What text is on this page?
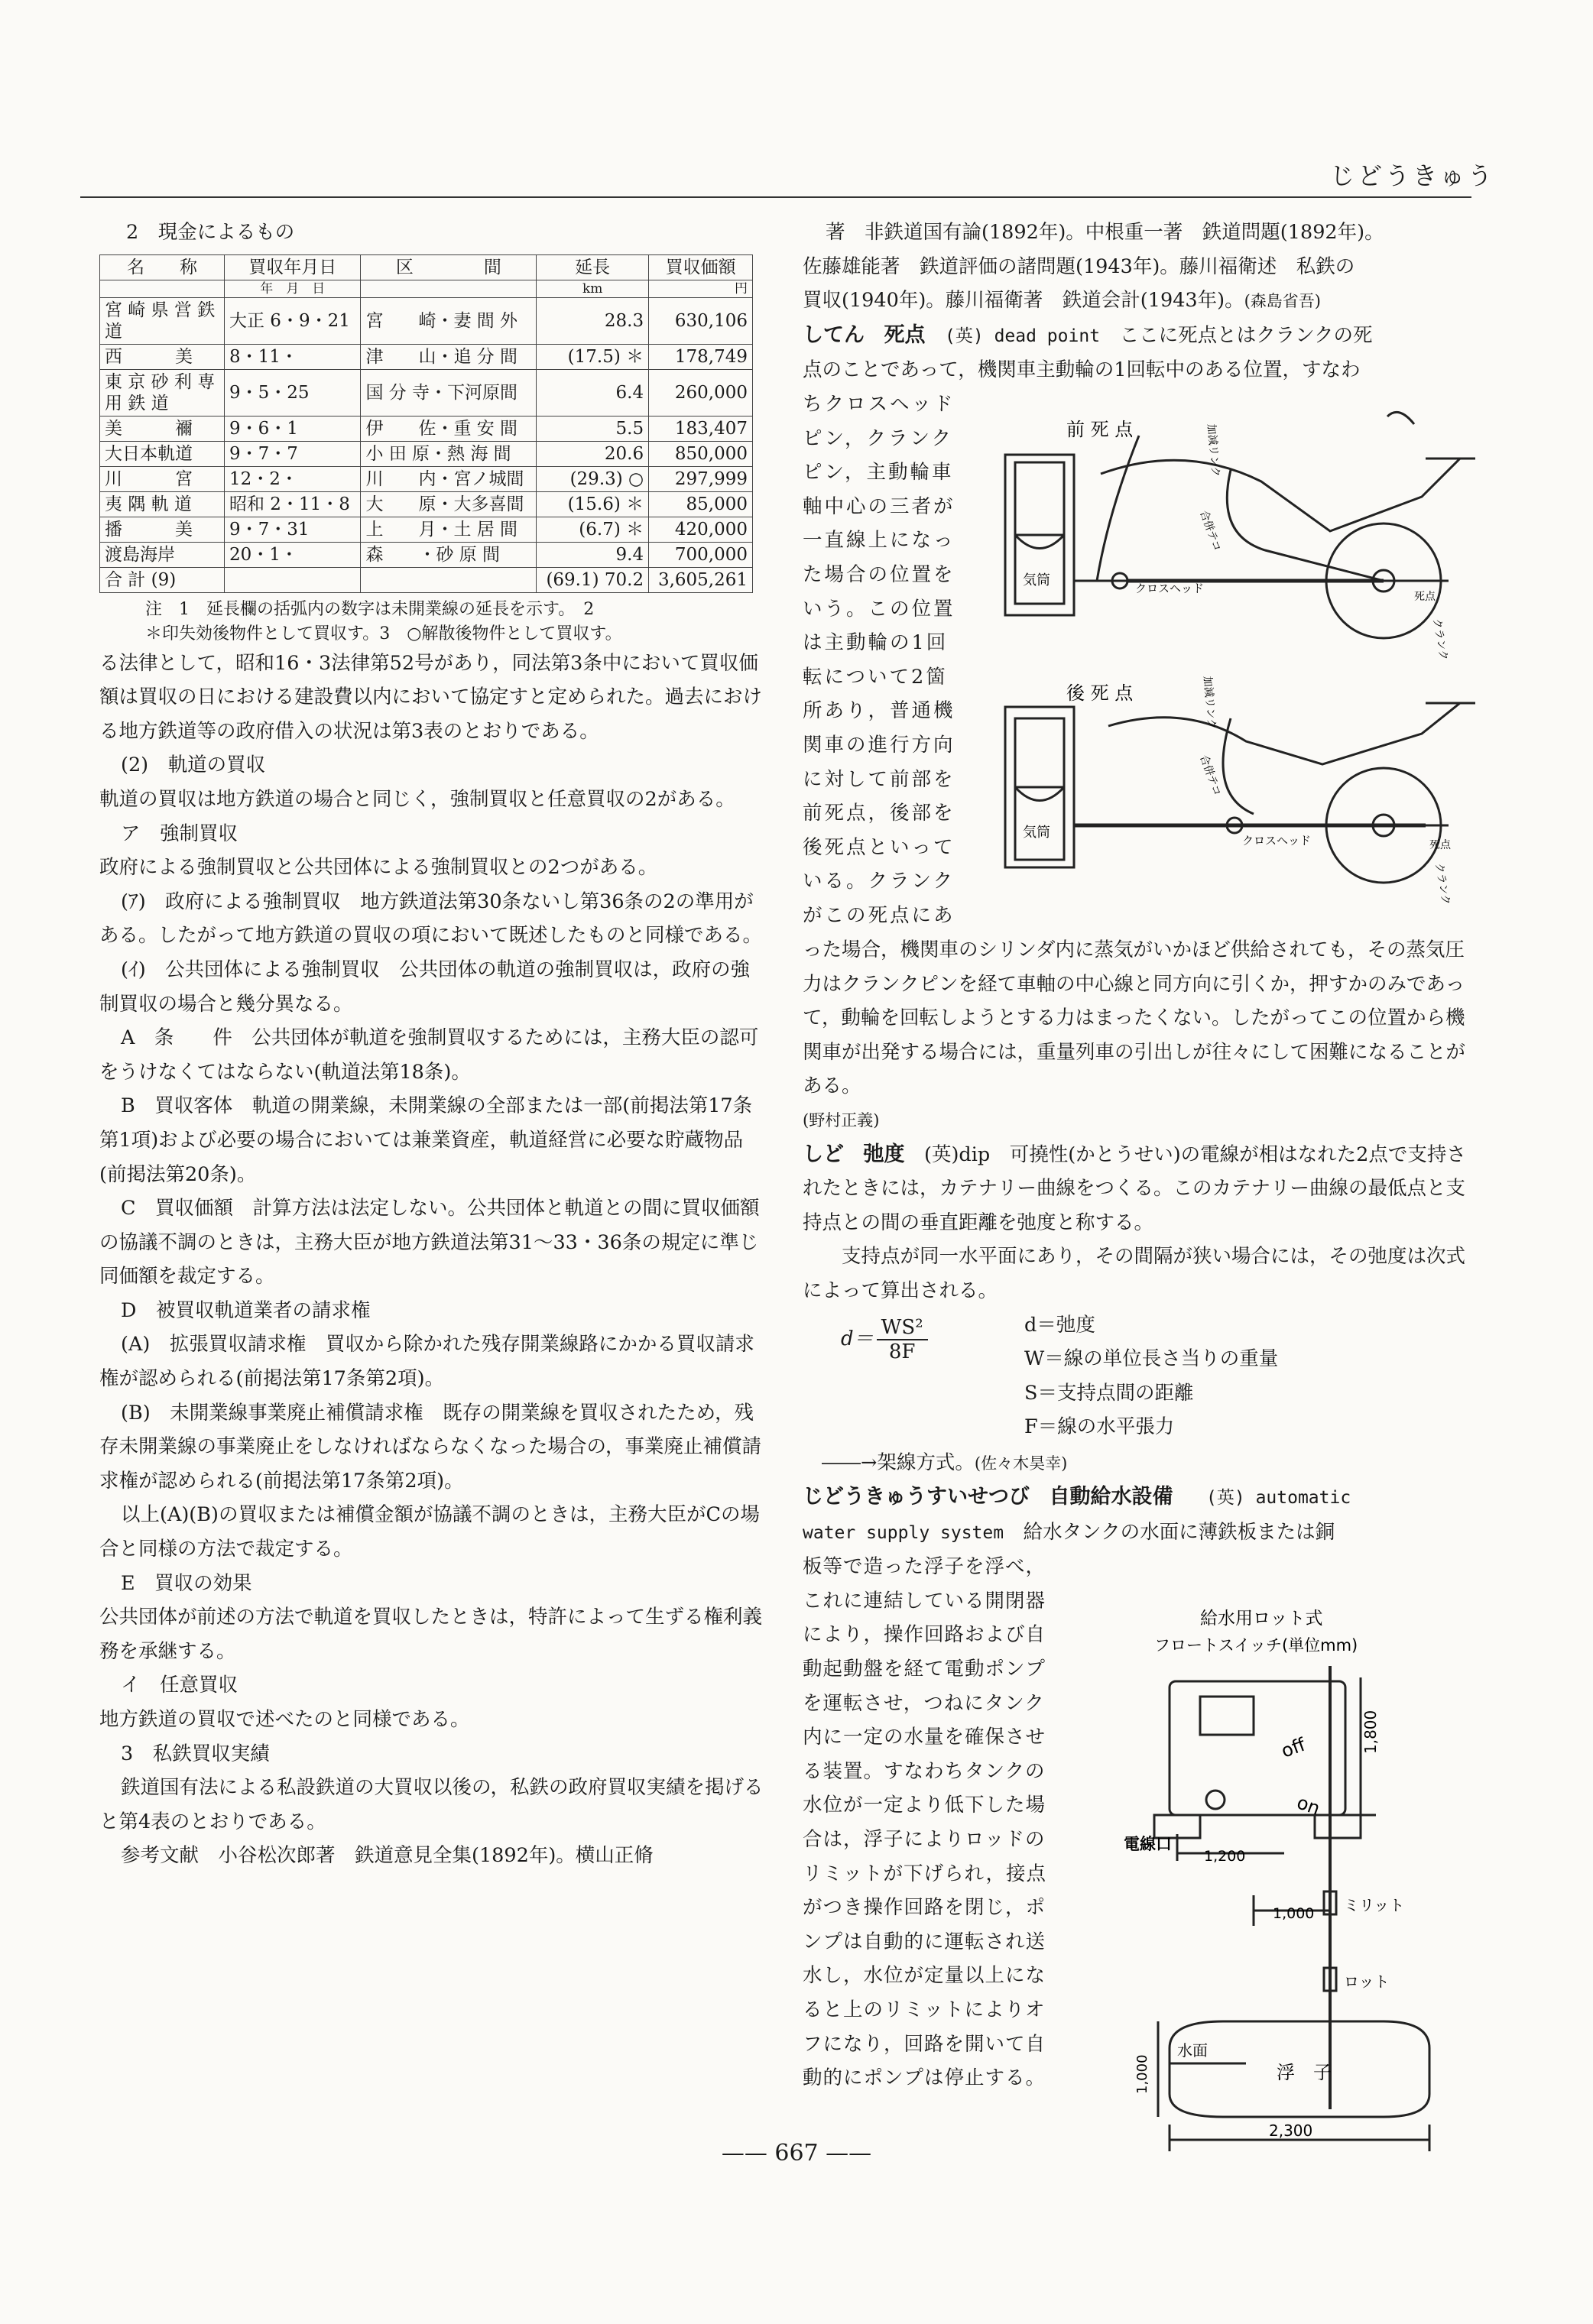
じどうきゅう

2　現金によるもの

名　　称	買収年月日	区　　　　間	延長	買収価額
	年　月　日		km	円
宮 崎 県 営 鉄　　道	大正 6・9・21	宮　　崎・妻 間 外	28.3	630,106
西　　　美	8・11・	津　　山・追 分 間	(17.5) ＊	178,749
東 京 砂 利 専 用 鉄 道	9・5・25	国 分 寺・下河原間	6.4	260,000
美　　　禰	9・6・1	伊　　佐・重 安 間	5.5	183,407
大日本軌道	9・7・7	小 田 原・熱 海 間	20.6	850,000
川　　　宮	12・2・	川　　内・宮ノ城間	(29.3) ○	297,999
夷 隅 軌 道	昭和 2・11・8	大　　原・大多喜間	(15.6) ＊	85,000
播　　　美	9・7・31	上　　月・土 居 間	(6.7) ＊	420,000
渡島海岸	20・1・	森　　・砂 原 間	9.4	700,000
合 計 (9)			(69.1) 70.2	3,605,261
注　1　延長欄の括弧内の数字は未開業線の延長を示す。　2
＊印失効後物件として買収す。3　○解散後物件として買収す。

る法律として，昭和16・3法律第52号があり，同法第3条中において買収価額は買収の日における建設費以内において協定すと定められた。過去における地方鉄道等の政府借入の状況は第3表のとおりである。

(2)　軌道の買収

軌道の買収は地方鉄道の場合と同じく，強制買収と任意買収の2がある。

ア　強制買収

政府による強制買収と公共団体による強制買収との2つがある。

(ｱ)　政府による強制買収　地方鉄道法第30条ないし第36条の2の準用がある。したがって地方鉄道の買収の項において既述したものと同様である。

(ｲ)　公共団体による強制買収　公共団体の軌道の強制買収は，政府の強制買収の場合と幾分異なる。

A　条　　件　公共団体が軌道を強制買収するためには，主務大臣の認可をうけなくてはならない(軌道法第18条)。

B　買収客体　軌道の開業線，未開業線の全部または一部(前掲法第17条第1項)および必要の場合においては兼業資産，軌道経営に必要な貯蔵物品(前掲法第20条)。

C　買収価額　計算方法は法定しない。公共団体と軌道との間に買収価額の協議不調のときは，主務大臣が地方鉄道法第31～33・36条の規定に準じ同価額を裁定する。

D　被買収軌道業者の請求権

(A)　拡張買収請求権　買収から除かれた残存開業線路にかかる買収請求権が認められる(前掲法第17条第2項)。

(B)　未開業線事業廃止補償請求権　既存の開業線を買収されたため，残存未開業線の事業廃止をしなければならなくなった場合の，事業廃止補償請求権が認められる(前掲法第17条第2項)。

以上(A)(B)の買収または補償金額が協議不調のときは，主務大臣がCの場合と同様の方法で裁定する。

E　買収の効果

公共団体が前述の方法で軌道を買収したときは，特許によって生ずる権利義務を承継する。

イ　任意買収

地方鉄道の買収で述べたのと同様である。

3　私鉄買収実績

鉄道国有法による私設鉄道の大買収以後の，私鉄の政府買収実績を掲げると第4表のとおりである。

参考文献　小谷松次郎著　鉄道意見全集(1892年)。横山正脩

著　非鉄道国有論(1892年)。中根重一著　鉄道問題(1892年)。

佐藤雄能著　鉄道評価の諸問題(1943年)。藤川福衛述　私鉄の

買収(1940年)。藤川福衛著　鉄道会計(1943年)。(森島省吾)

してん　 死点　 (英) dead point　 ここに死点とはクランクの死

点のことであって，機関車主動輪の1回転中のある位置，すなわ

ちクロスヘッド
ピン，クランク
ピン，主動輪車
軸中心の三者が
一直線上になっ
た場合の位置を
いう。この位置
は主動輪の1回
転について2箇
所あり，普通機
関車の進行方向
に対して前部を
前死点，後部を
後死点といって
いる。クランク
がこの死点にあ

った場合，機関車のシリンダ内に蒸気がいかほど供給されても，その蒸気圧力はクランクピンを経て車軸の中心線と同方向に引くか，押すかのみであって，動輪を回転しようとする力はまったくない。したがってこの位置から機関車が出発する場合には，重量列車の引出しが往々にして困難になることがある。

(野村正義)

しど　 弛度　 (英)dip　 可撓性(かとうせい)の電線が相はなれた2点で支持されたときには，カテナリー曲線をつくる。このカテナリー曲線の最低点と支持点との間の垂直距離を弛度と称する。

支持点が同一水平面にあり，その間隔が狭い場合には，その弛度は次式によって算出される。

$d= \frac{\text{WS²}}{8F}$	d＝弛度
W＝線の単位長さ当りの重量
S＝支持点間の距離
F＝線の水平張力

――→架線方式。(佐々木昊幸)

じどうきゅうすいせつび　 自動給水設備　 (英) automatic

water supply system　 給水タンクの水面に薄鉄板または銅

板等で造った浮子を浮べ，
これに連結している開閉器
により，操作回路および自
動起動盤を経て電動ポンプ
を運転させ，つねにタンク
内に一定の水量を確保させ
る装置。すなわちタンクの
水位が一定より低下した場
合は，浮子によりロッドの
リミットが下げられ，接点
がつき操作回路を閉じ，ポ
ンプは自動的に運転され送
水し，水位が定量以上にな
ると上のリミットによりオ
フになり，回路を開いて自
動的にポンプは停止する。
前 死 点
後 死 点
気筒
気筒
クロスヘッド
クロスヘッド
合併テコ
合併テコ
死点
クランク
死点
クランク
加減リンク
加減リンク
給水用ロット式
フロートスイッチ(単位mm)
1,800
off
on
電線口
1,200
1,000 ミリット
ロット
水面
浮　子
1,000
2,300
—— 667 ——
